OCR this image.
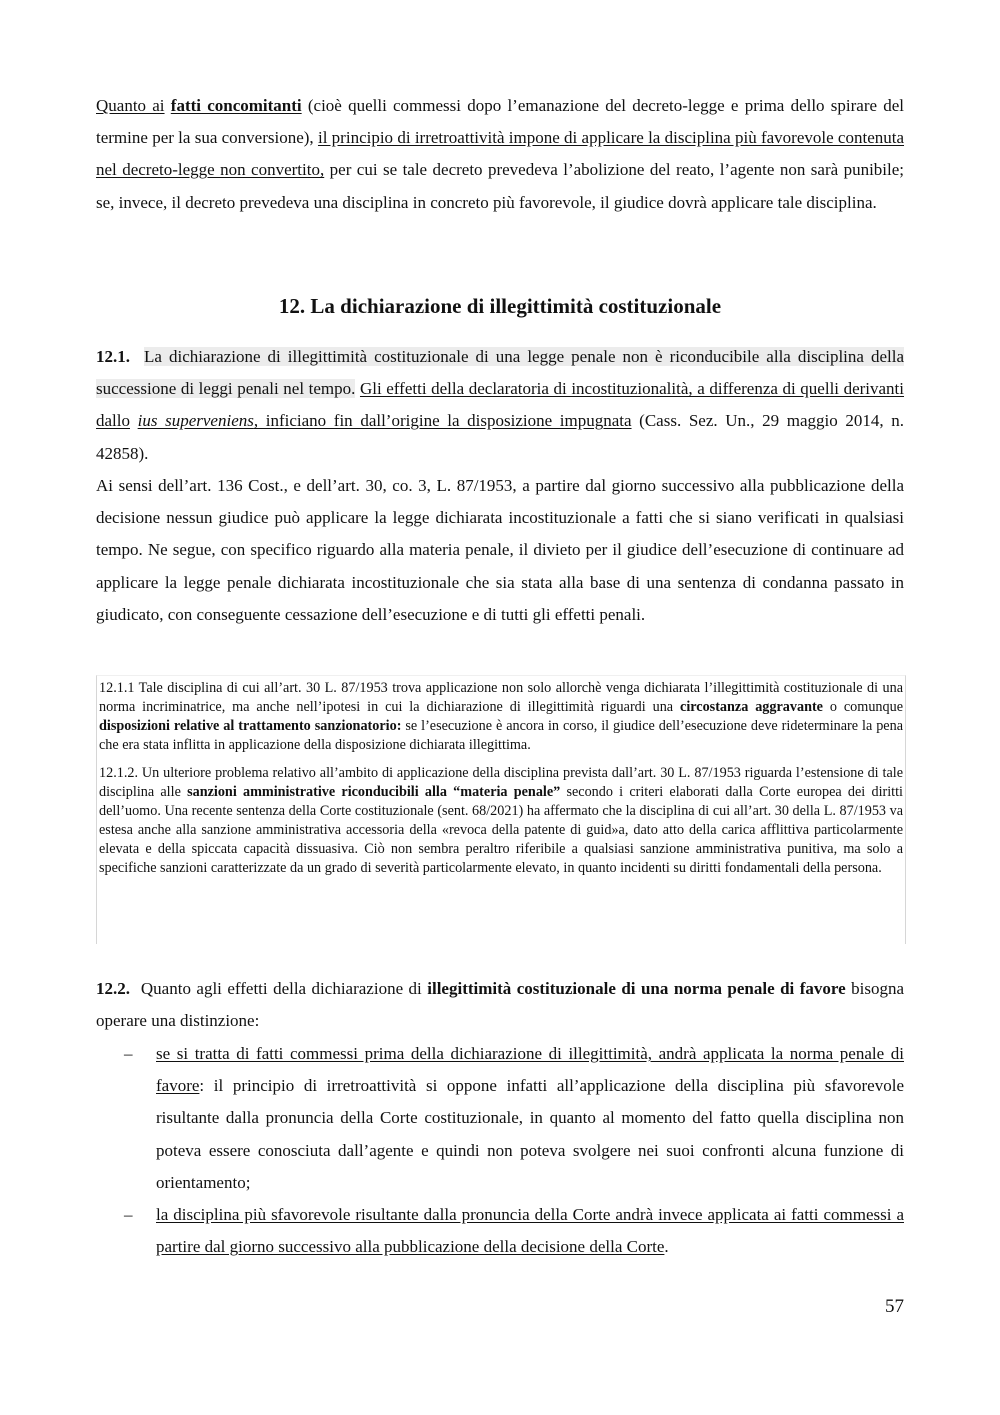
Quanto ai fatti concomitanti (cioè quelli commessi dopo l’emanazione del decreto-legge e prima dello spirare del termine per la sua conversione), il principio di irretroattività impone di applicare la disciplina più favorevole contenuta nel decreto-legge non convertito, per cui se tale decreto prevedeva l’abolizione del reato, l’agente non sarà punibile; se, invece, il decreto prevedeva una disciplina in concreto più favorevole, il giudice dovrà applicare tale disciplina.

12. La dichiarazione di illegittimità costituzionale

12.1. La dichiarazione di illegittimità costituzionale di una legge penale non è riconducibile alla disciplina della successione di leggi penali nel tempo. Gli effetti della declaratoria di incostituzionalità, a differenza di quelli derivanti dallo ius superveniens, inficiano fin dall’origine la disposizione impugnata (Cass. Sez. Un., 29 maggio 2014, n. 42858).

Ai sensi dell’art. 136 Cost., e dell’art. 30, co. 3, L. 87/1953, a partire dal giorno successivo alla pubblicazione della decisione nessun giudice può applicare la legge dichiarata incostituzionale a fatti che si siano verificati in qualsiasi tempo. Ne segue, con specifico riguardo alla materia penale, il divieto per il giudice dell’esecuzione di continuare ad applicare la legge penale dichiarata incostituzionale che sia stata alla base di una sentenza di condanna passato in giudicato, con conseguente cessazione dell’esecuzione e di tutti gli effetti penali.

12.1.1 Tale disciplina di cui all’art. 30 L. 87/1953 trova applicazione non solo allorchè venga dichiarata l’illegittimità costituzionale di una norma incriminatrice, ma anche nell’ipotesi in cui la dichiarazione di illegittimità riguardi una circostanza aggravante o comunque disposizioni relative al trattamento sanzionatorio: se l’esecuzione è ancora in corso, il giudice dell’esecuzione deve rideterminare la pena che era stata inflitta in applicazione della disposizione dichiarata illegittima.

12.1.2. Un ulteriore problema relativo all’ambito di applicazione della disciplina prevista dall’art. 30 L. 87/1953 riguarda l’estensione di tale disciplina alle sanzioni amministrative riconducibili alla “materia penale” secondo i criteri elaborati dalla Corte europea dei diritti dell’uomo. Una recente sentenza della Corte costituzionale (sent. 68/2021) ha affermato che la disciplina di cui all’art. 30 della L. 87/1953 va estesa anche alla sanzione amministrativa accessoria della «revoca della patente di guid»a, dato atto della carica afflittiva particolarmente elevata e della spiccata capacità dissuasiva. Ciò non sembra peraltro riferibile a qualsiasi sanzione amministrativa punitiva, ma solo a specifiche sanzioni caratterizzate da un grado di severità particolarmente elevato, in quanto incidenti su diritti fondamentali della persona.

12.2. Quanto agli effetti della dichiarazione di illegittimità costituzionale di una norma penale di favore bisogna operare una distinzione:

– se si tratta di fatti commessi prima della dichiarazione di illegittimità, andrà applicata la norma penale di favore: il principio di irretroattività si oppone infatti all’applicazione della disciplina più sfavorevole risultante dalla pronuncia della Corte costituzionale, in quanto al momento del fatto quella disciplina non poteva essere conosciuta dall’agente e quindi non poteva svolgere nei suoi confronti alcuna funzione di orientamento;
– la disciplina più sfavorevole risultante dalla pronuncia della Corte andrà invece applicata ai fatti commessi a partire dal giorno successivo alla pubblicazione della decisione della Corte.

57
